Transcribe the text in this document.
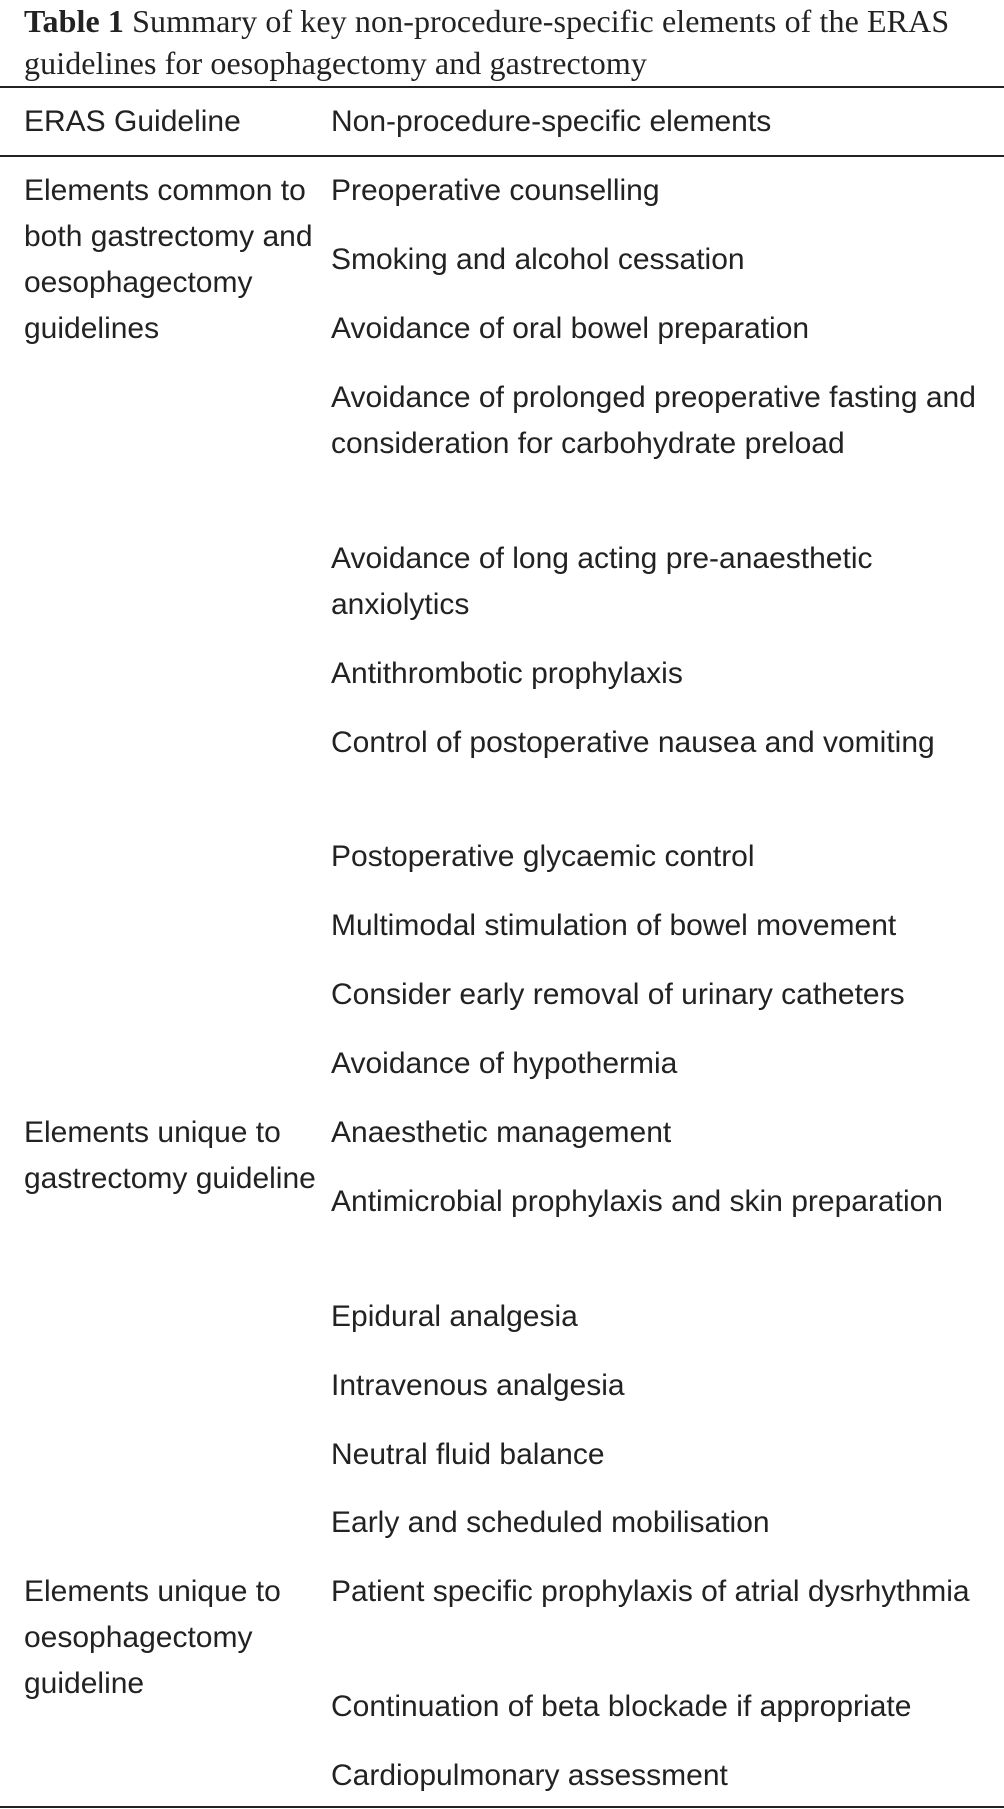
Table 1 Summary of key non-procedure-specific elements of the ERAS guidelines for oesophagectomy and gastrectomy
ERAS Guideline	Non-procedure-specific elements
Elements common to both gastrectomy and oesophagectomy guidelines
Preoperative counselling
Smoking and alcohol cessation
Avoidance of oral bowel preparation
Avoidance of prolonged preoperative fasting and consideration for carbohydrate preload
Avoidance of long acting pre-anaesthetic anxiolytics
Antithrombotic prophylaxis
Control of postoperative nausea and vomiting
Postoperative glycaemic control
Multimodal stimulation of bowel movement
Consider early removal of urinary catheters
Avoidance of hypothermia
Elements unique to gastrectomy guideline
Anaesthetic management
Antimicrobial prophylaxis and skin preparation
Epidural analgesia
Intravenous analgesia
Neutral fluid balance
Early and scheduled mobilisation
Elements unique to oesophagectomy guideline
Patient specific prophylaxis of atrial dysrhythmia
Continuation of beta blockade if appropriate
Cardiopulmonary assessment
